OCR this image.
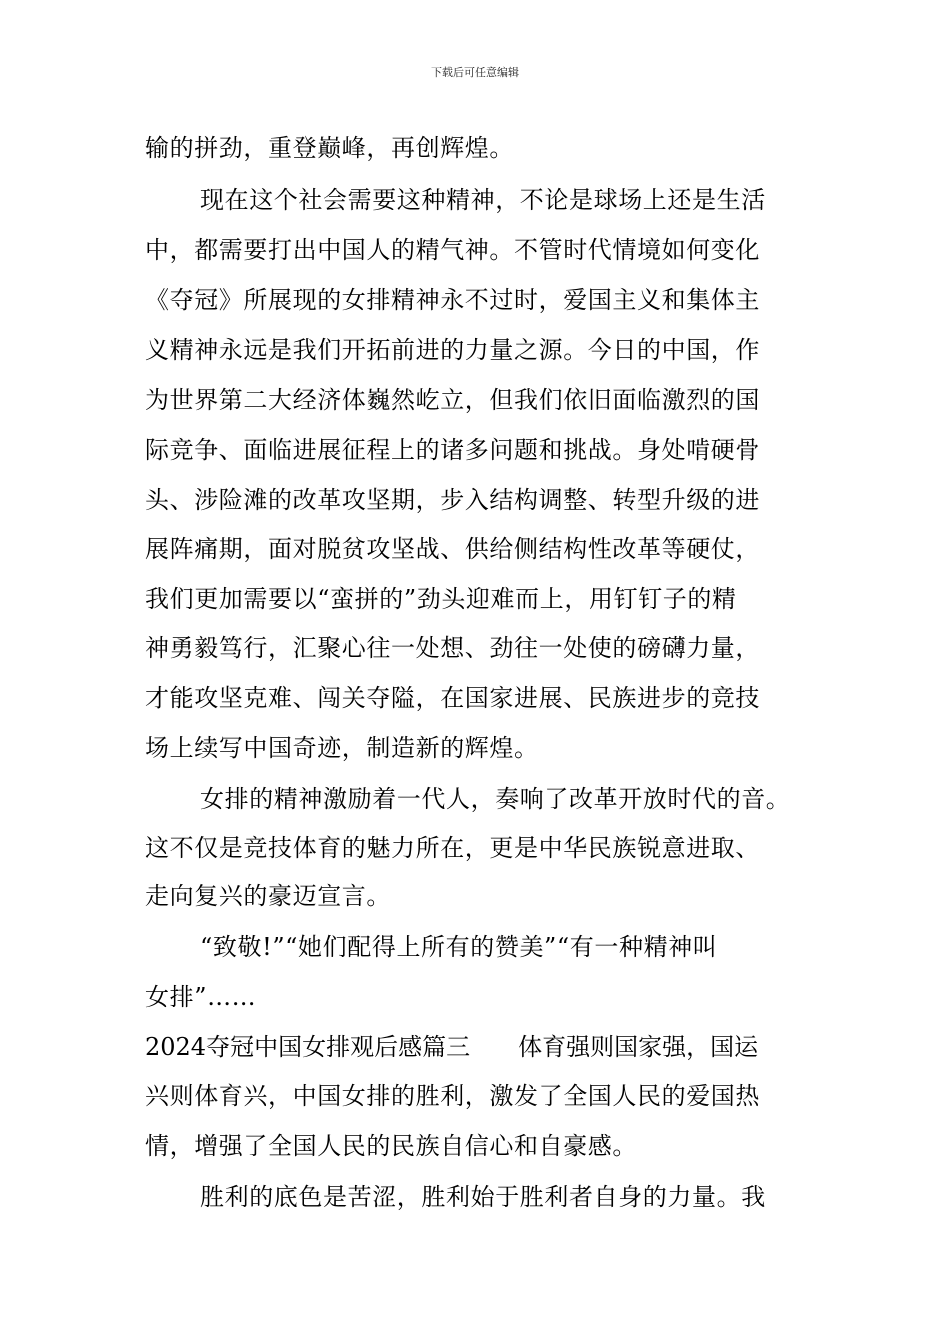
下载后可任意编辑
输的拼劲，重登巅峰，再创辉煌。
现在这个社会需要这种精神，不论是球场上还是生活
中，都需要打出中国人的精气神。不管时代情境如何变化
《夺冠》所展现的女排精神永不过时，爱国主义和集体主
义精神永远是我们开拓前进的力量之源。今日的中国，作
为世界第二大经济体巍然屹立，但我们依旧面临激烈的国
际竞争、面临进展征程上的诸多问题和挑战。身处啃硬骨
头、涉险滩的改革攻坚期，步入结构调整、转型升级的进
展阵痛期，面对脱贫攻坚战、供给侧结构性改革等硬仗，
我们更加需要以“蛮拼的”劲头迎难而上，用钉钉子的精
神勇毅笃行，汇聚心往一处想、劲往一处使的磅礴力量，
才能攻坚克难、闯关夺隘，在国家进展、民族进步的竞技
场上续写中国奇迹，制造新的辉煌。
女排的精神激励着一代人，奏响了改革开放时代的音。
这不仅是竞技体育的魅力所在，更是中华民族锐意进取、
走向复兴的豪迈宣言。
“致敬!”“她们配得上所有的赞美”“有一种精神叫
女排”……
2024夺冠中国女排观后感篇三　　体育强则国家强，国运
兴则体育兴，中国女排的胜利，激发了全国人民的爱国热
情，增强了全国人民的民族自信心和自豪感。
胜利的底色是苦涩，胜利始于胜利者自身的力量。我
